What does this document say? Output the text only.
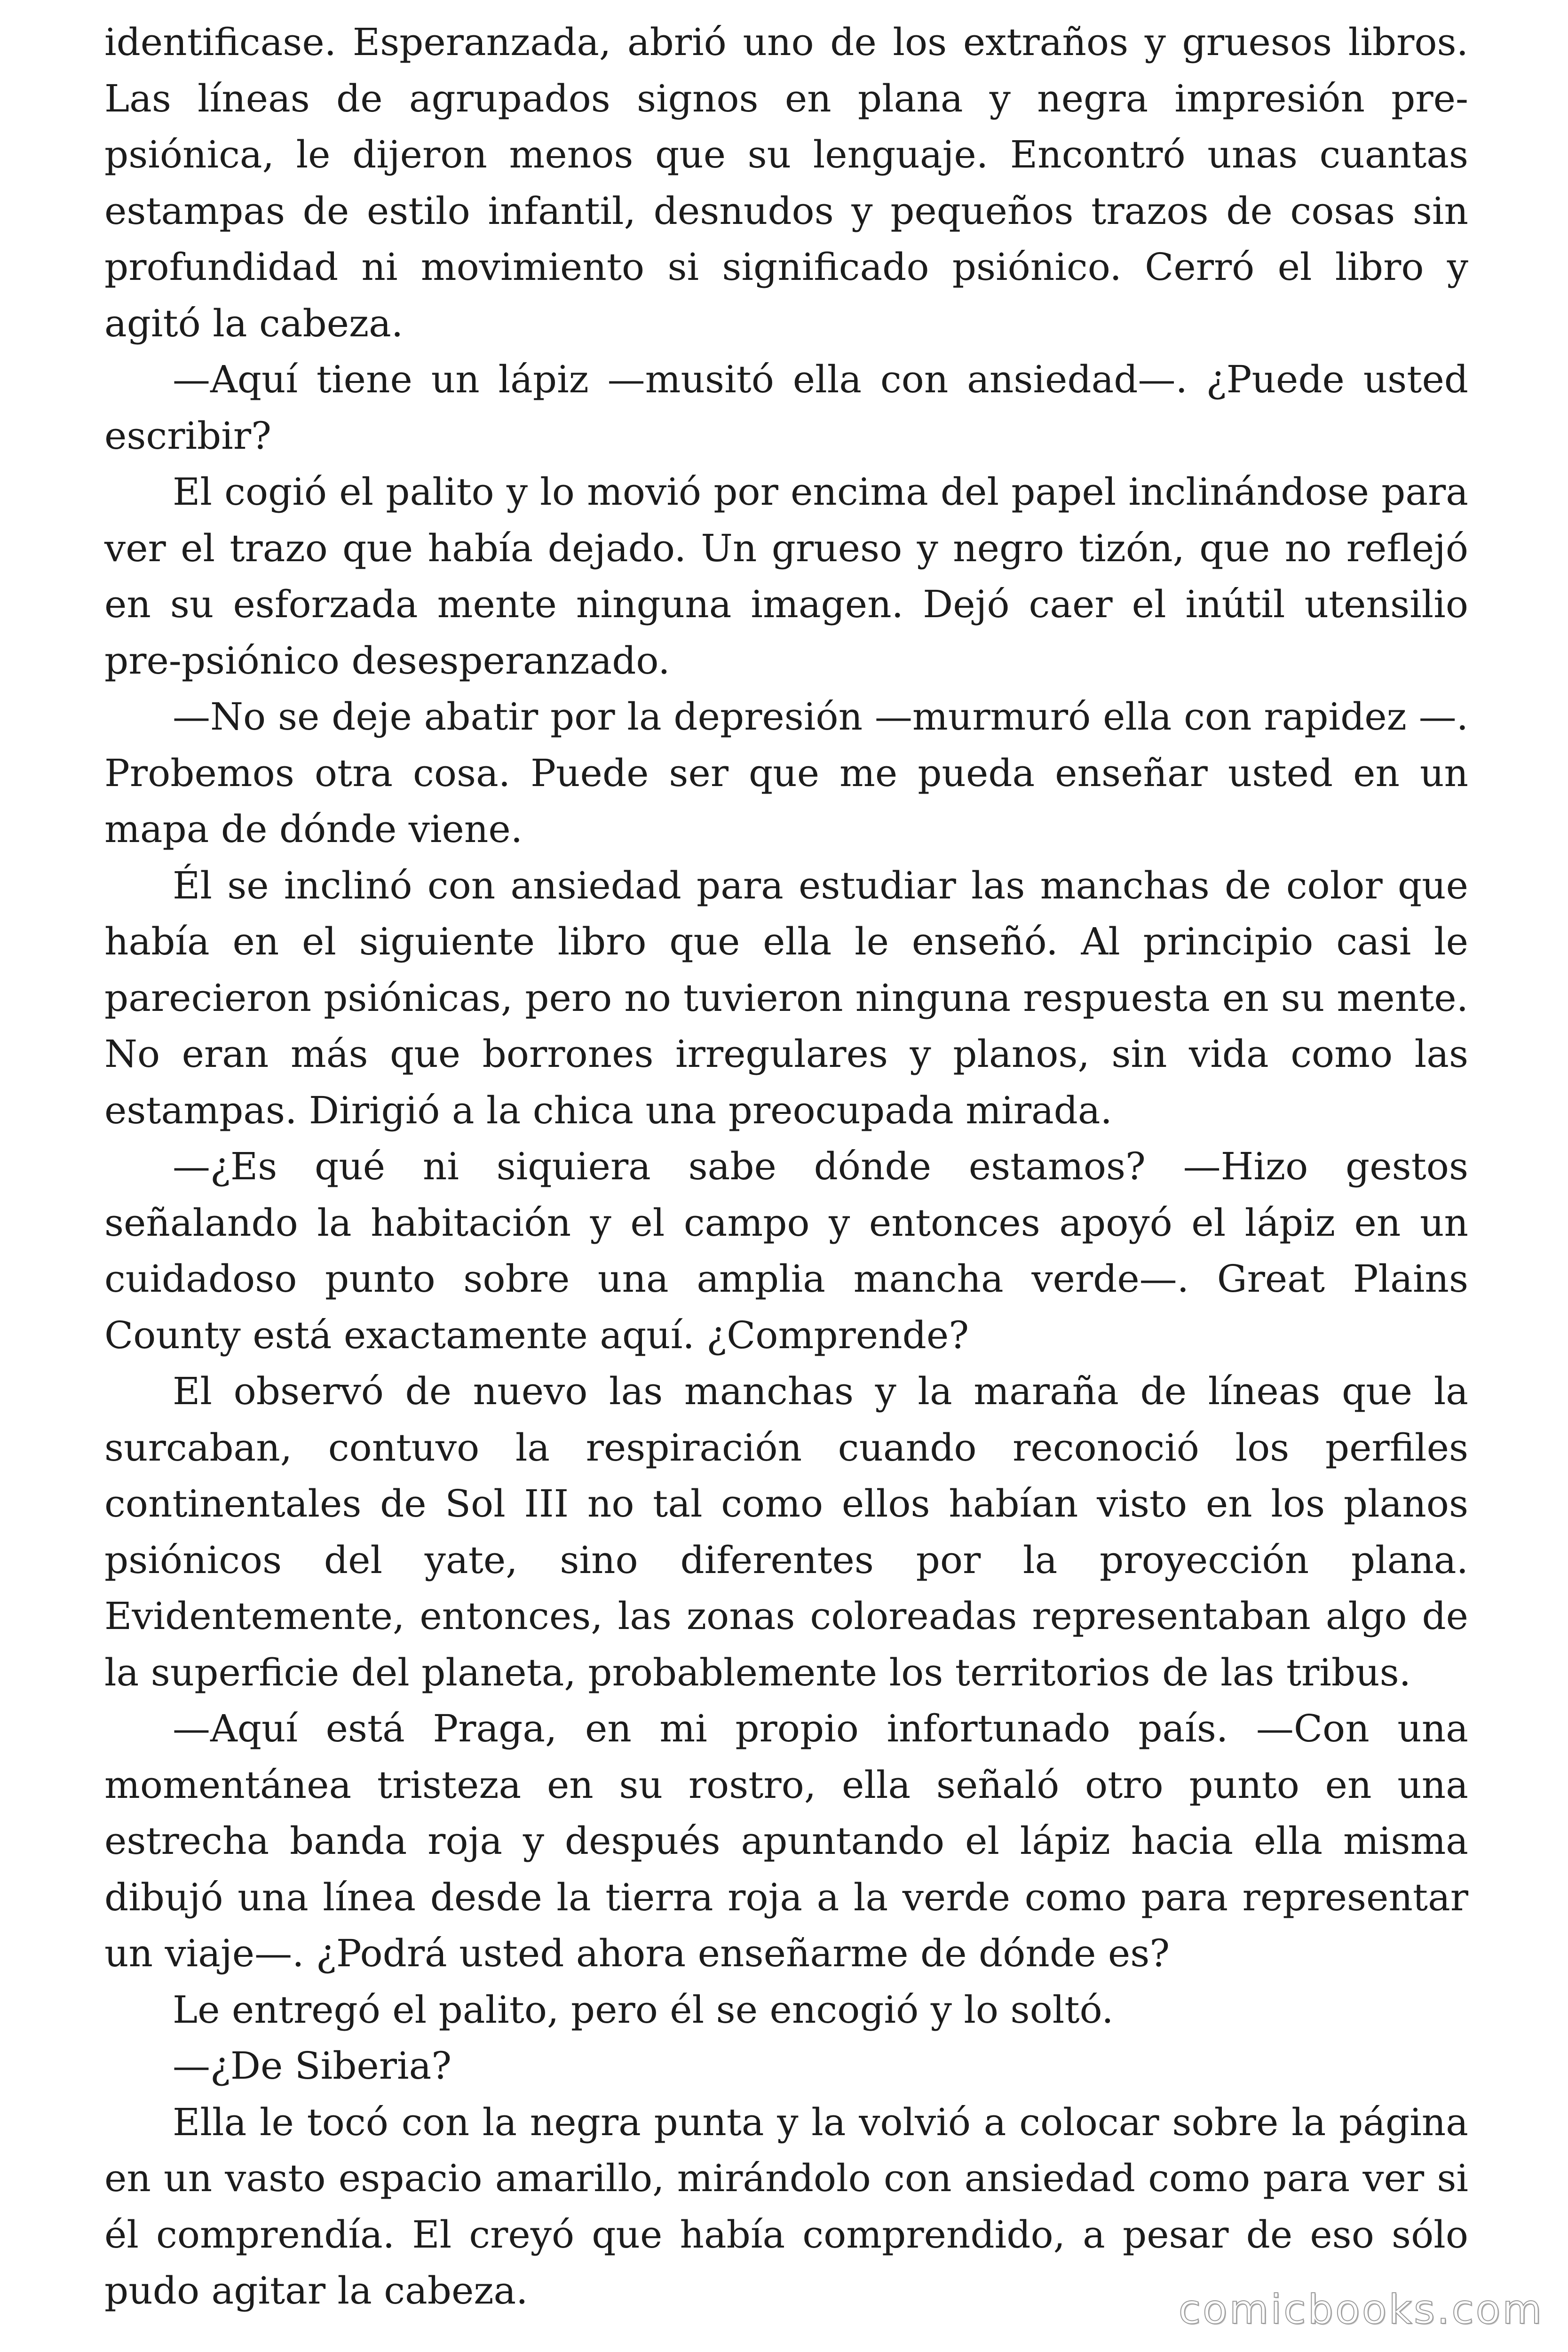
identificase. Esperanzada, abrió uno de los extraños y gruesos libros. Las líneas de agrupados signos en plana y negra impresión pre-psiónica, le dijeron menos que su lenguaje. Encontró unas cuantas estampas de estilo infantil, desnudos y pequeños trazos de cosas sin profundidad ni movimiento si significado psiónico. Cerró el libro y agitó la cabeza.

—Aquí tiene un lápiz —musitó ella con ansiedad—. ¿Puede usted escribir?

El cogió el palito y lo movió por encima del papel inclinándose para ver el trazo que había dejado. Un grueso y negro tizón, que no reflejó en su esforzada mente ninguna imagen. Dejó caer el inútil utensilio pre-psiónico desesperanzado.

—No se deje abatir por la depresión —murmuró ella con rapidez —. Probemos otra cosa. Puede ser que me pueda enseñar usted en un mapa de dónde viene.

Él se inclinó con ansiedad para estudiar las manchas de color que había en el siguiente libro que ella le enseñó. Al principio casi le parecieron psiónicas, pero no tuvieron ninguna respuesta en su mente. No eran más que borrones irregulares y planos, sin vida como las estampas. Dirigió a la chica una preocupada mirada.

—¿Es qué ni siquiera sabe dónde estamos? —Hizo gestos señalando la habitación y el campo y entonces apoyó el lápiz en un cuidadoso punto sobre una amplia mancha verde—. Great Plains County está exactamente aquí. ¿Comprende?

El observó de nuevo las manchas y la maraña de líneas que la surcaban, contuvo la respiración cuando reconoció los perfiles continentales de Sol III no tal como ellos habían visto en los planos psiónicos del yate, sino diferentes por la proyección plana. Evidentemente, entonces, las zonas coloreadas representaban algo de la superficie del planeta, probablemente los territorios de las tribus.

—Aquí está Praga, en mi propio infortunado país. —Con una momentánea tristeza en su rostro, ella señaló otro punto en una estrecha banda roja y después apuntando el lápiz hacia ella misma dibujó una línea desde la tierra roja a la verde como para representar un viaje—. ¿Podrá usted ahora enseñarme de dónde es?

Le entregó el palito, pero él se encogió y lo soltó.

—¿De Siberia?

Ella le tocó con la negra punta y la volvió a colocar sobre la página en un vasto espacio amarillo, mirándolo con ansiedad como para ver si él comprendía. El creyó que había comprendido, a pesar de eso sólo pudo agitar la cabeza.	comicbooks.com
